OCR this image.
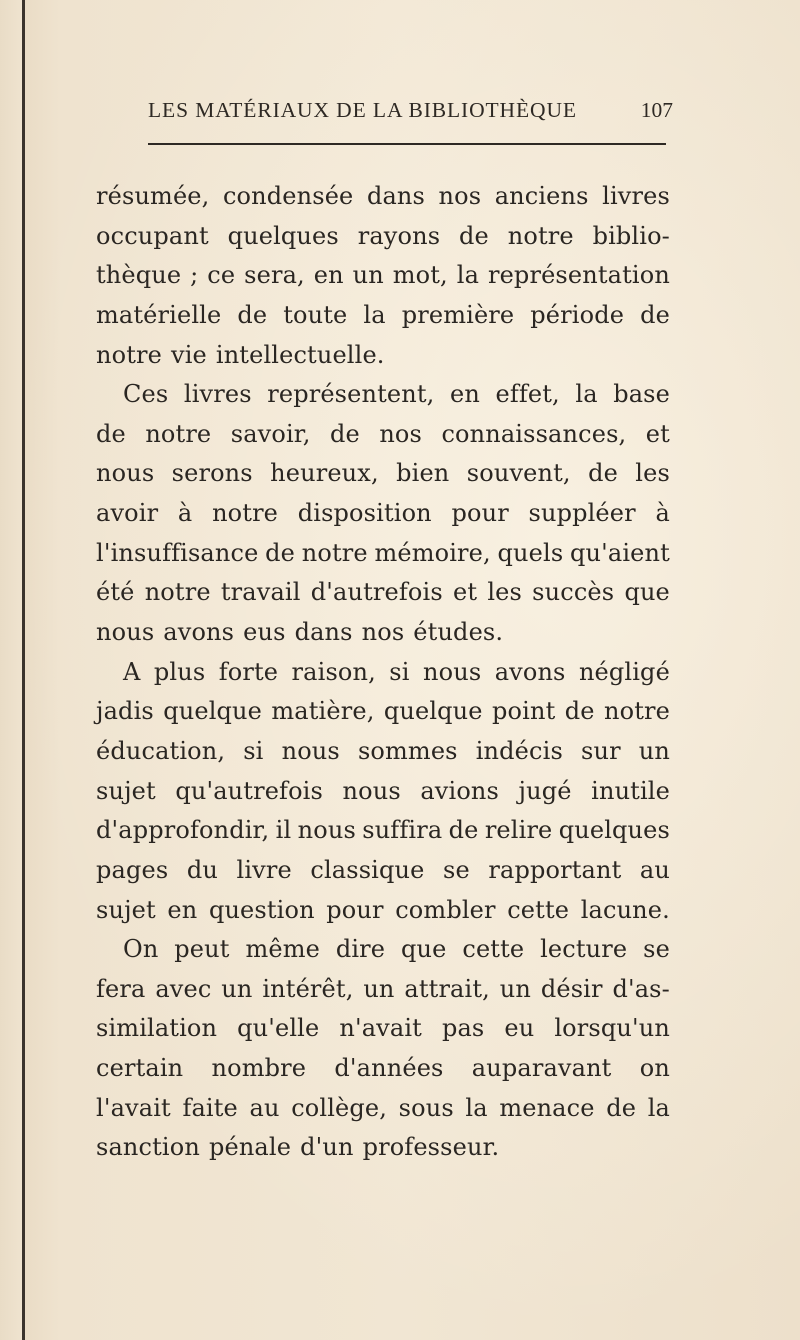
LES MATÉRIAUX DE LA BIBLIOTHÈQUE	107
résumée, condensée dans nos anciens livres
occupant quelques rayons de notre biblio-
thèque ; ce sera, en un mot, la représentation
matérielle de toute la première période de
notre vie intellectuelle.
Ces livres représentent, en effet, la base
de notre savoir, de nos connaissances, et
nous serons heureux, bien souvent, de les
avoir à notre disposition pour suppléer à
l'insuffisance de notre mémoire, quels qu'aient
été notre travail d'autrefois et les succès que
nous avons eus dans nos études.
A plus forte raison, si nous avons négligé
jadis quelque matière, quelque point de notre
éducation, si nous sommes indécis sur un
sujet qu'autrefois nous avions jugé inutile
d'approfondir, il nous suffira de relire quelques
pages du livre classique se rapportant au
sujet en question pour combler cette lacune.
On peut même dire que cette lecture se
fera avec un intérêt, un attrait, un désir d'as-
similation qu'elle n'avait pas eu lorsqu'un
certain nombre d'années auparavant on
l'avait faite au collège, sous la menace de la
sanction pénale d'un professeur.
